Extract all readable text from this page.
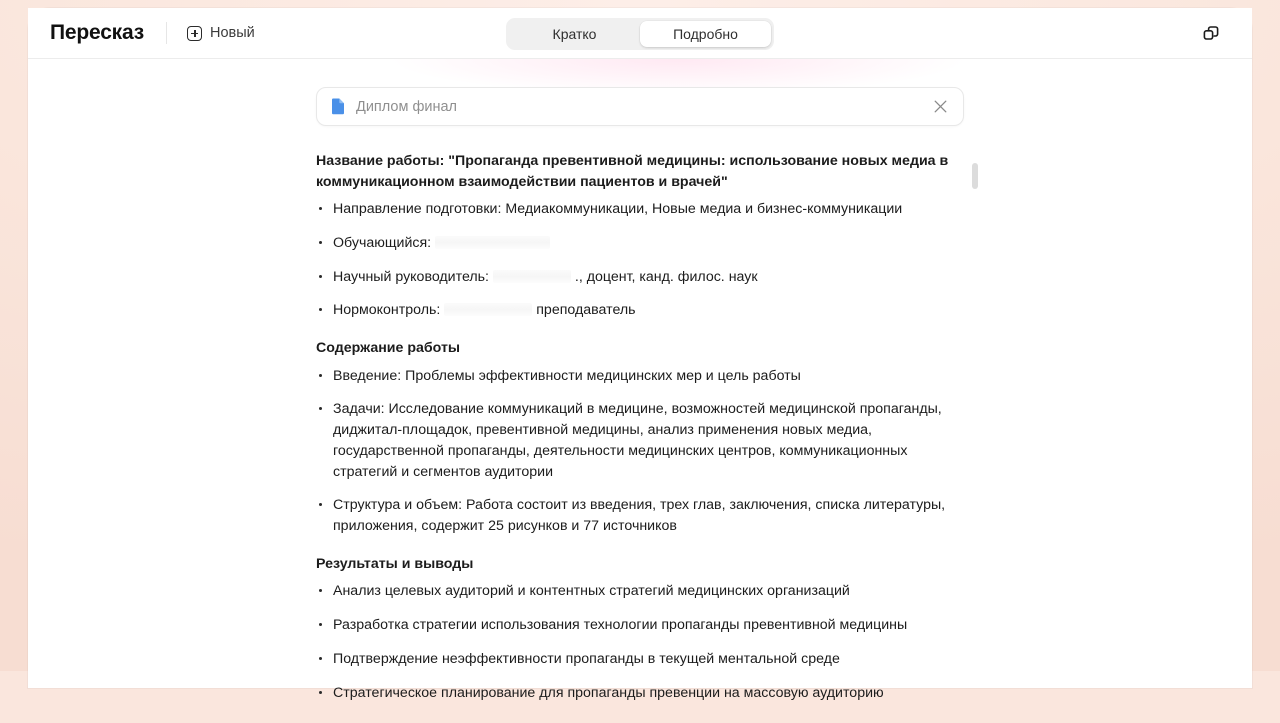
Пересказ	Новый	Кратко	Подробно
Диплом финал
Название работы: "Пропаганда превентивной медицины: использование новых медиа в коммуникационном взаимодействии пациентов и врачей"
Направление подготовки: Медиакоммуникации, Новые медиа и бизнес-коммуникации
Обучающийся:
Научный руководитель:	., доцент, канд. филос. наук
Нормоконтроль:	преподаватель
Содержание работы
Введение: Проблемы эффективности медицинских мер и цель работы
Задачи: Исследование коммуникаций в медицине, возможностей медицинской пропаганды, диджитал-площадок, превентивной медицины, анализ применения новых медиа, государственной пропаганды, деятельности медицинских центров, коммуникационных стратегий и сегментов аудитории
Структура и объем: Работа состоит из введения, трех глав, заключения, списка литературы, приложения, содержит 25 рисунков и 77 источников
Результаты и выводы
Анализ целевых аудиторий и контентных стратегий медицинских организаций
Разработка стратегии использования технологии пропаганды превентивной медицины
Подтверждение неэффективности пропаганды в текущей ментальной среде
Стратегическое планирование для пропаганды превенции на массовую аудиторию
